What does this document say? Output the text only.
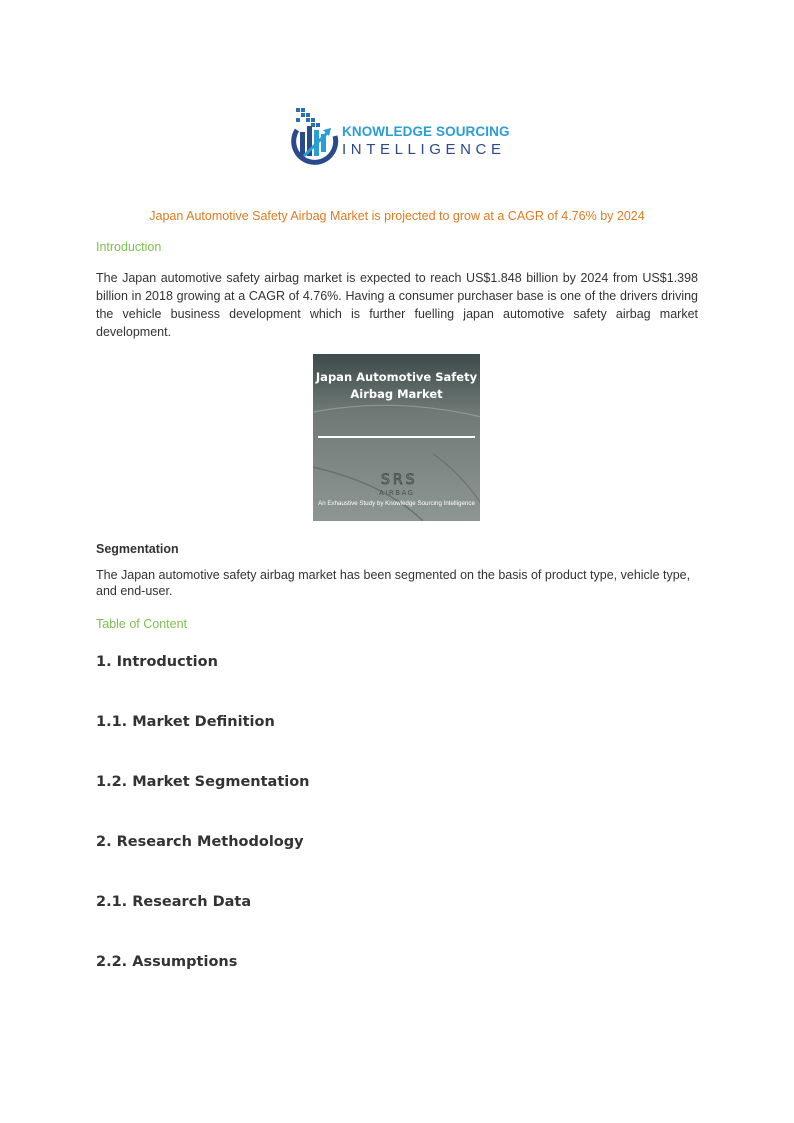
KNOWLEDGE SOURCING
INTELLIGENCE
Japan Automotive Safety Airbag Market is projected to grow at a CAGR of 4.76% by 2024
Introduction

The Japan automotive safety airbag market is expected to reach US$1.848 billion by 2024 from US$1.398 billion in 2018 growing at a CAGR of 4.76%. Having a consumer purchaser base is one of the drivers driving the vehicle business development which is further fuelling japan automotive safety airbag market development.

SRS
AIRBAG
Japan Automotive Safety
Airbag Market
An Exhaustive Study by Knowledge Sourcing Intelligence
Segmentation

The Japan automotive safety airbag market has been segmented on the basis of product type, vehicle type, and end-user.

Table of Content
1. Introduction
1.1. Market Definition
1.2. Market Segmentation
2. Research Methodology
2.1. Research Data
2.2. Assumptions
